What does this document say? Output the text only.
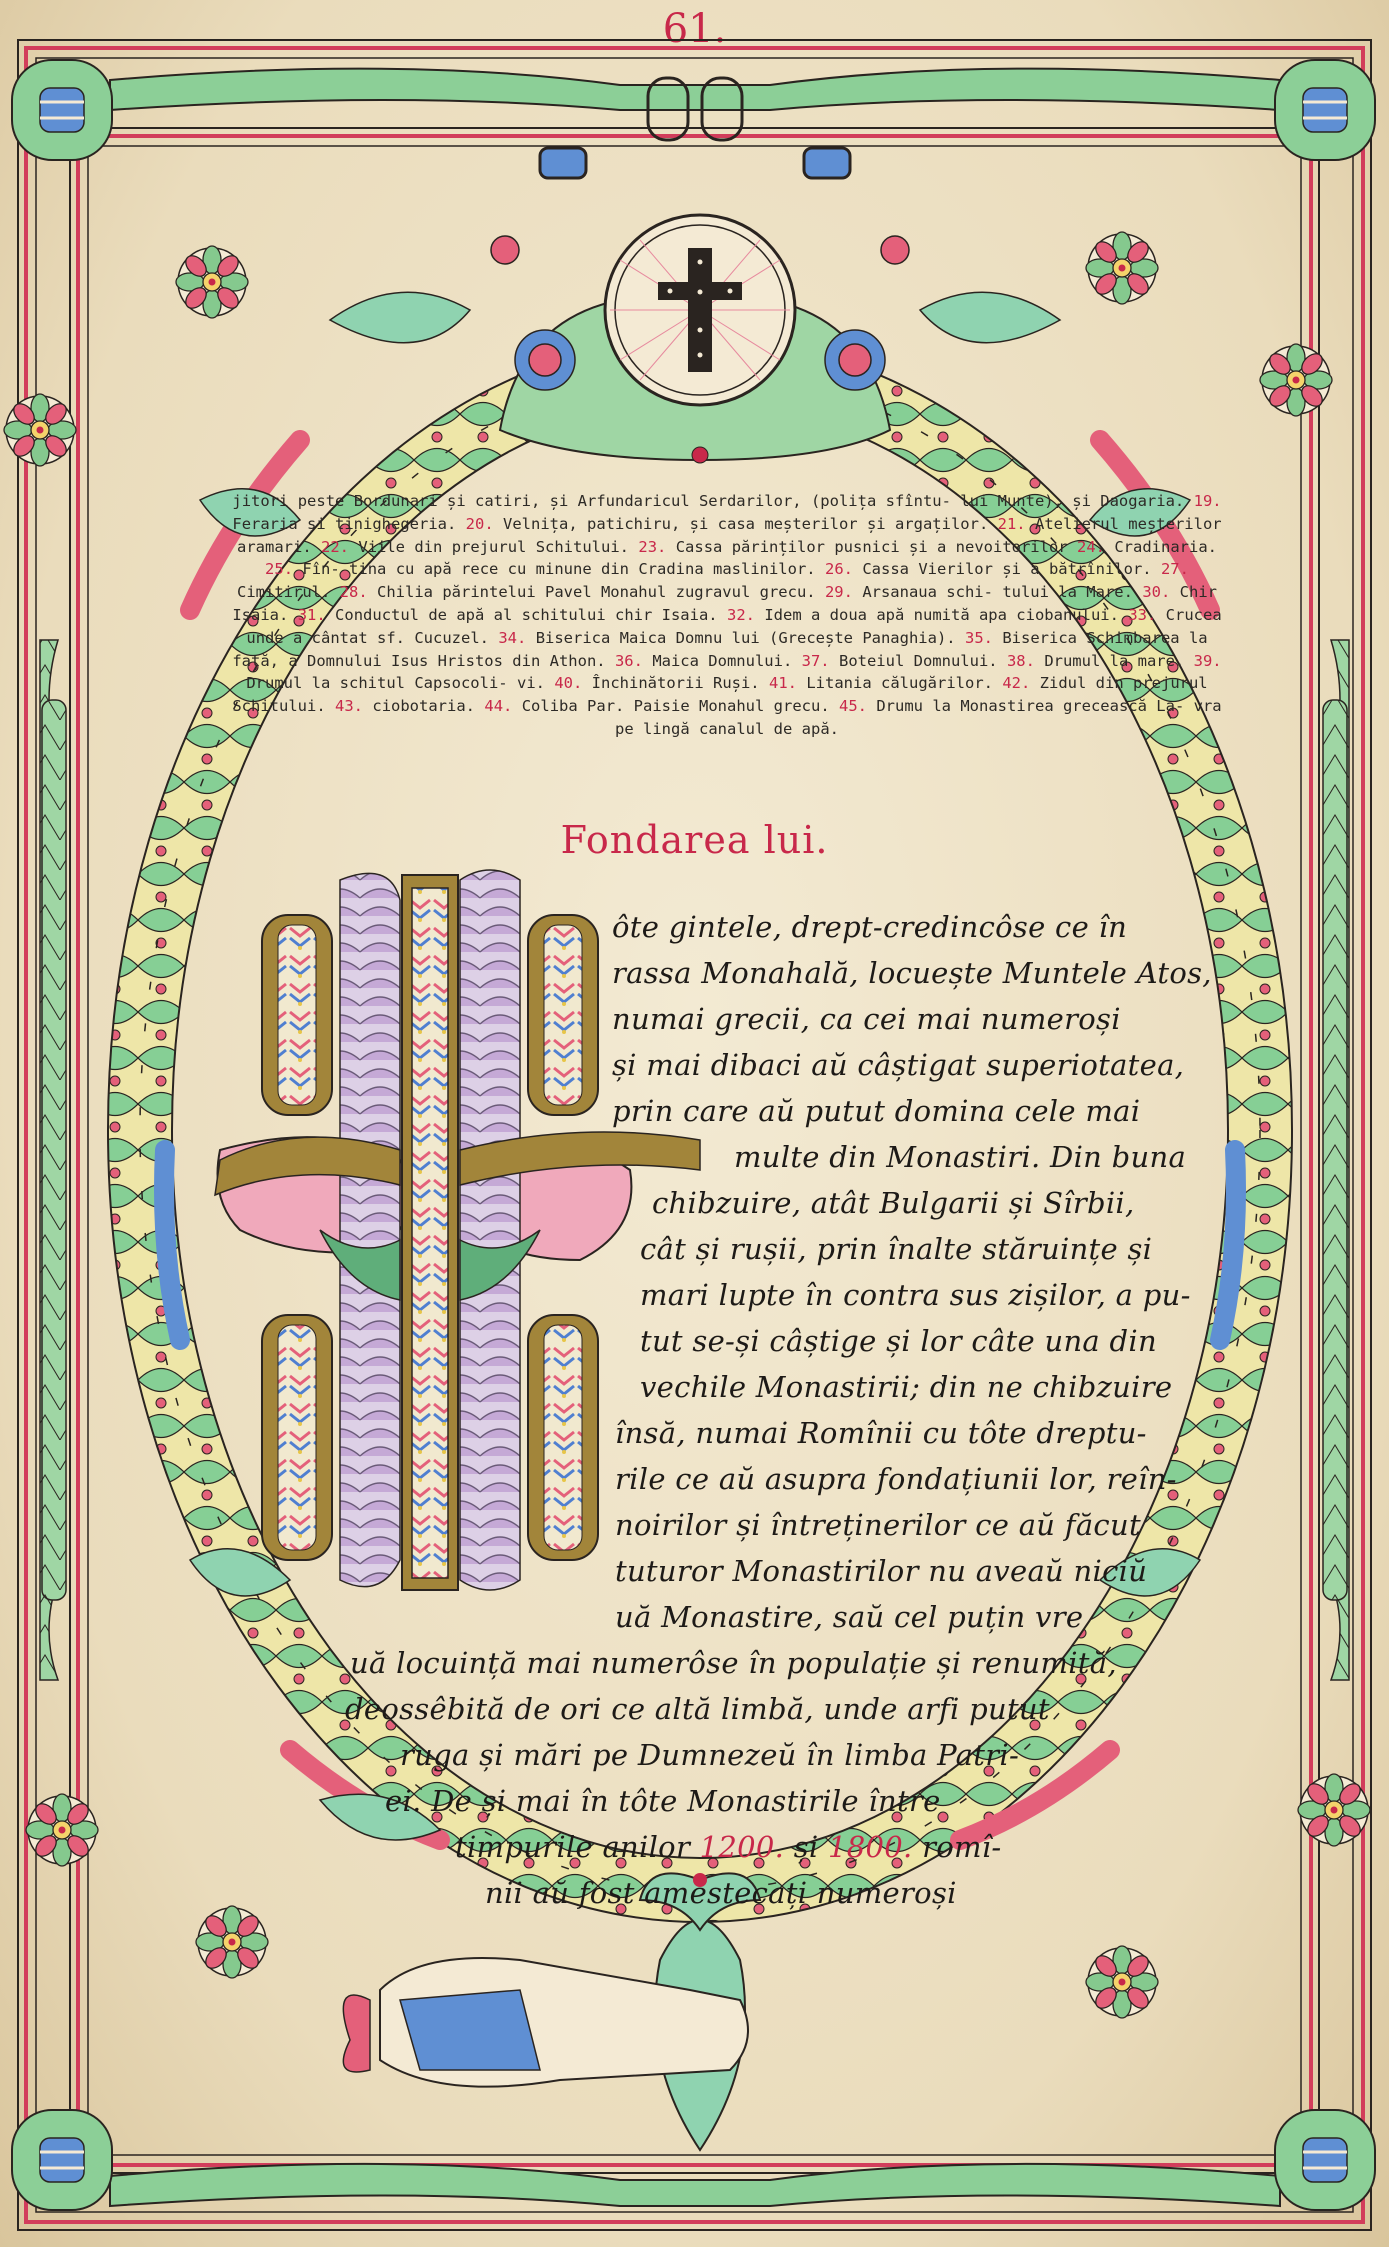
61.
jitori peste Bordunari și catiri, și Arfundaricul Serdarilor, (polița sfîntu- lui Munte), și Daogaria. 19. Feraria și tinighegeria. 20. Velnița, patichiru, și casa meșterilor și argaților. 21. Atelierul meșterilor aramari. 22. Viile din prejurul Schitului. 23. Cassa părinților pusnici și a nevoitorilor 24. Cradinaria. 25. Fîn- tina cu apă rece cu minune din Cradina maslinilor. 26. Cassa Vierilor și a bătrînilor. 27. Cimitirul. 28. Chilia părintelui Pavel Monahul zugravul grecu. 29. Arsanaua schi- tului la Mare. 30. Chir Isaia. 31. Conductul de apă al schitului chir Isaia. 32. Idem a doua apă numită apa ciobanului. 33. Crucea unde a cântat sf. Cucuzel. 34. Biserica Maica Domnu lui (Grecește Panaghia). 35. Biserica Schimbarea la față, a Domnului Isus Hristos din Athon. 36. Maica Domnului. 37. Boteiul Domnului. 38. Drumul la mare. 39. Drumul la schitul Capsocoli- vi. 40. Închinătorii Ruși. 41. Litania călugărilor. 42. Zidul din prejurul Schitului. 43. ciobotaria. 44. Coliba Par. Paisie Monahul grecu. 45. Drumu la Monastirea grecească La- vra pe lingă canalul de apă.
Fondarea lui.
ôte gintele, drept-credincôse ce în
rassa Monahală, locuește Muntele Atos,
numai grecii, ca cei mai numeroși
și mai dibaci aŭ câștigat superiotatea,
prin care aŭ putut domina cele mai
multe din Monastiri. Din buna
chibzuire, atât Bulgarii și Sîrbii,
cât și rușii, prin înalte stăruințe și
mari lupte în contra sus zișilor, a pu-
tut se-și câștige și lor câte una din
vechile Monastirii; din ne chibzuire
însă, numai Romînii cu tôte dreptu-
rile ce aŭ asupra fondațiunii lor, reîn-
noirilor și întreținerilor ce aŭ făcut
tuturor Monastirilor nu aveaŭ niciŭ
uă Monastire, saŭ cel puțin vre
uă locuință mai numerôse în populație și renumită,
deossêbită de ori ce altă limbă, unde arfi putut
ruga și mări pe Dumnezeŭ în limba Patri-
ei. De și mai în tôte Monastirile între
timpurile anilor 1200. și 1800. romî-
nii aŭ fost amestecați numeroși
